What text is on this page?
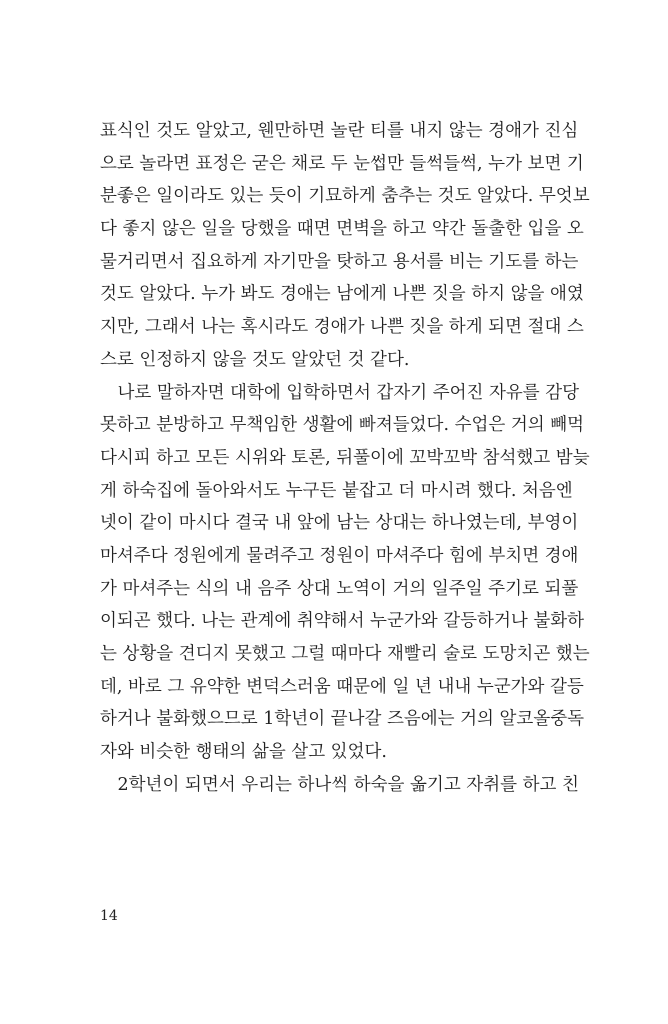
표식인 것도 알았고, 웬만하면 놀란 티를 내지 않는 경애가 진심
으로 놀라면 표정은 굳은 채로 두 눈썹만 들썩들썩, 누가 보면 기
분좋은 일이라도 있는 듯이 기묘하게 춤추는 것도 알았다. 무엇보
다 좋지 않은 일을 당했을 때면 면벽을 하고 약간 돌출한 입을 오
물거리면서 집요하게 자기만을 탓하고 용서를 비는 기도를 하는
것도 알았다. 누가 봐도 경애는 남에게 나쁜 짓을 하지 않을 애였
지만, 그래서 나는 혹시라도 경애가 나쁜 짓을 하게 되면 절대 스
스로 인정하지 않을 것도 알았던 것 같다.
나로 말하자면 대학에 입학하면서 갑자기 주어진 자유를 감당
못하고 분방하고 무책임한 생활에 빠져들었다. 수업은 거의 빼먹
다시피 하고 모든 시위와 토론, 뒤풀이에 꼬박꼬박 참석했고 밤늦
게 하숙집에 돌아와서도 누구든 붙잡고 더 마시려 했다. 처음엔
넷이 같이 마시다 결국 내 앞에 남는 상대는 하나였는데, 부영이
마셔주다 정원에게 물려주고 정원이 마셔주다 힘에 부치면 경애
가 마셔주는 식의 내 음주 상대 노역이 거의 일주일 주기로 되풀
이되곤 했다. 나는 관계에 취약해서 누군가와 갈등하거나 불화하
는 상황을 견디지 못했고 그럴 때마다 재빨리 술로 도망치곤 했는
데, 바로 그 유약한 변덕스러움 때문에 일 년 내내 누군가와 갈등
하거나 불화했으므로 1학년이 끝나갈 즈음에는 거의 알코올중독
자와 비슷한 행태의 삶을 살고 있었다.
2학년이 되면서 우리는 하나씩 하숙을 옮기고 자취를 하고 친
14
